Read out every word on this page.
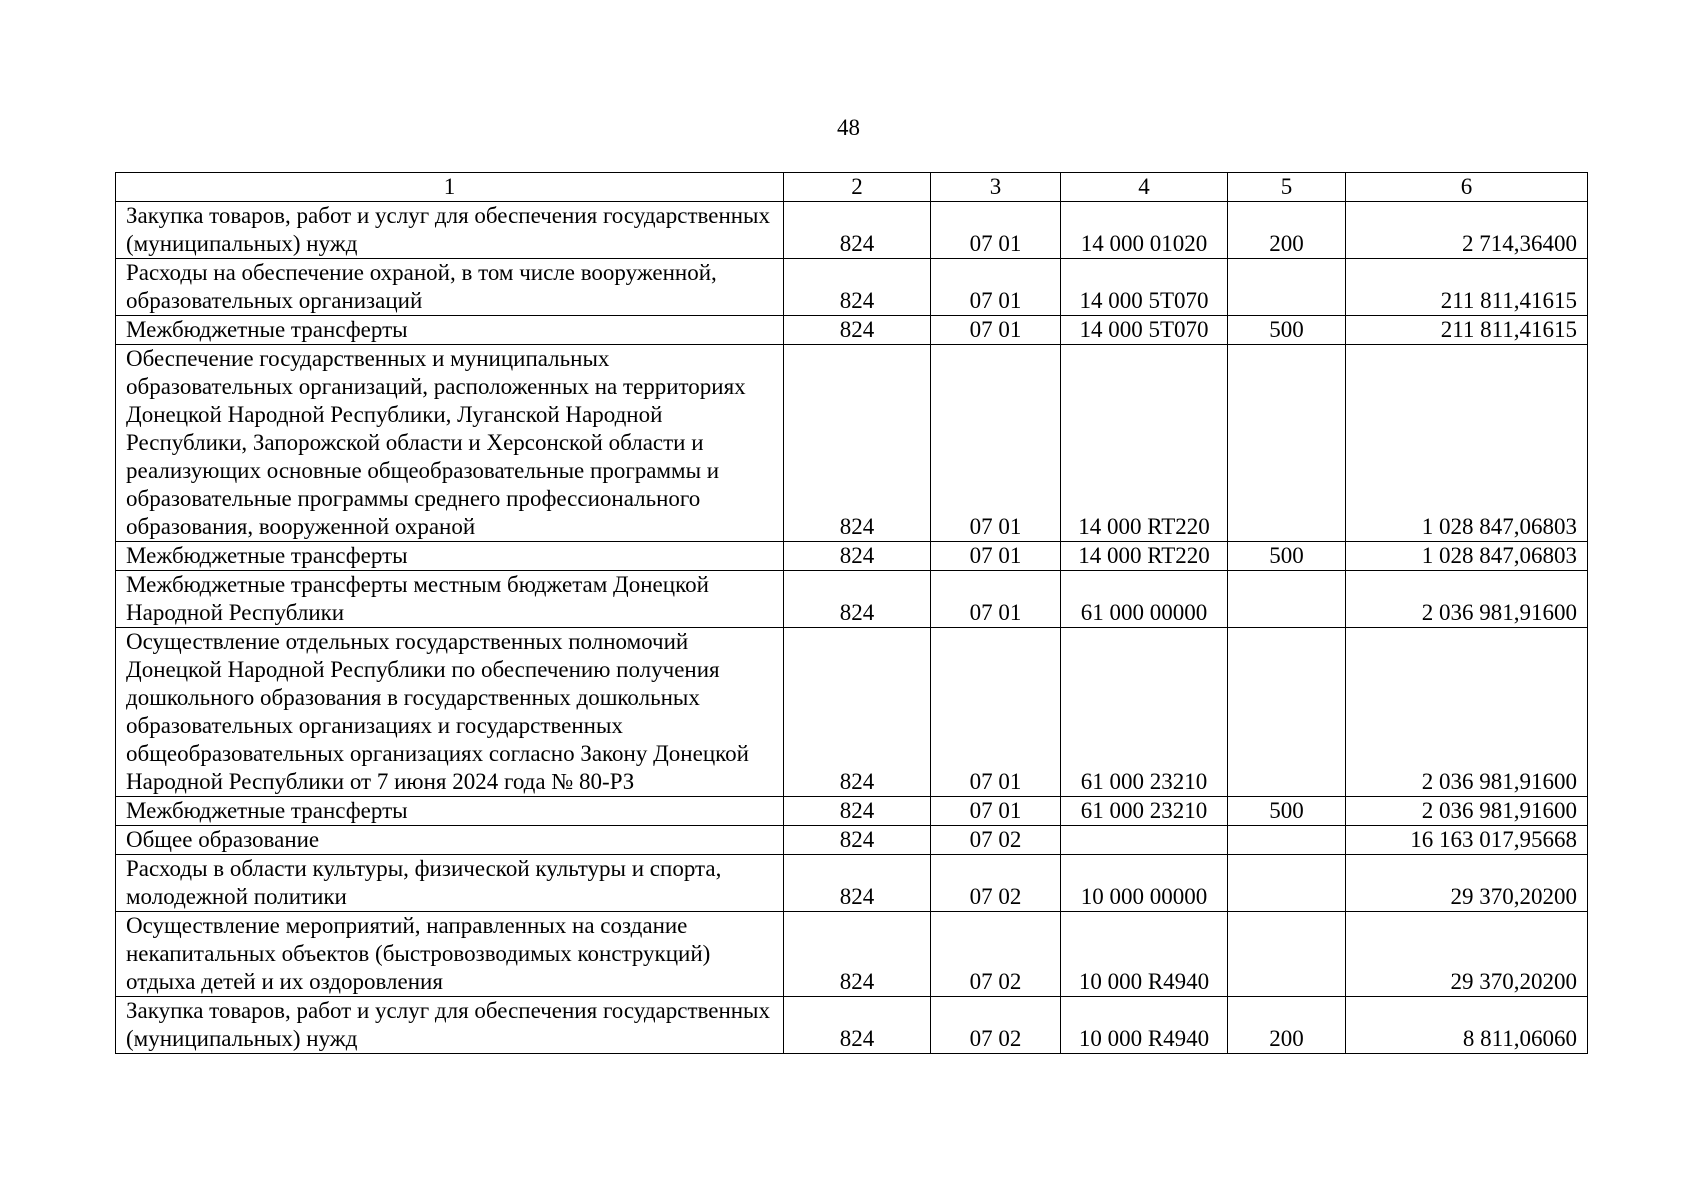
48
1	2	3	4	5	6
Закупка товаров, работ и услуг для обеспечения государственных (муниципальных) нужд	824	07 01	14 000 01020	200	2 714,36400
Расходы на обеспечение охраной, в том числе вооруженной, образовательных организаций	824	07 01	14 000 5Т070		211 811,41615
Межбюджетные трансферты	824	07 01	14 000 5Т070	500	211 811,41615
Обеспечение государственных и муниципальных образовательных организаций, расположенных на территориях Донецкой Народной Республики, Луганской Народной Республики, Запорожской области и Херсонской области и реализующих основные общеобразовательные программы и образовательные программы среднего профессионального образования, вооруженной охраной	824	07 01	14 000 RT220		1 028 847,06803
Межбюджетные трансферты	824	07 01	14 000 RT220	500	1 028 847,06803
Межбюджетные трансферты местным бюджетам Донецкой Народной Республики	824	07 01	61 000 00000		2 036 981,91600
Осуществление отдельных государственных полномочий Донецкой Народной Республики по обеспечению получения дошкольного образования в государственных дошкольных образовательных организациях и государственных общеобразовательных организациях согласно Закону Донецкой Народной Республики от 7 июня 2024 года № 80-РЗ	824	07 01	61 000 23210		2 036 981,91600
Межбюджетные трансферты	824	07 01	61 000 23210	500	2 036 981,91600
Общее образование	824	07 02			16 163 017,95668
Расходы в области культуры, физической культуры и спорта, молодежной политики	824	07 02	10 000 00000		29 370,20200
Осуществление мероприятий, направленных на создание некапитальных объектов (быстровозводимых конструкций) отдыха детей и их оздоровления	824	07 02	10 000 R4940		29 370,20200
Закупка товаров, работ и услуг для обеспечения государственных (муниципальных) нужд	824	07 02	10 000 R4940	200	8 811,06060
